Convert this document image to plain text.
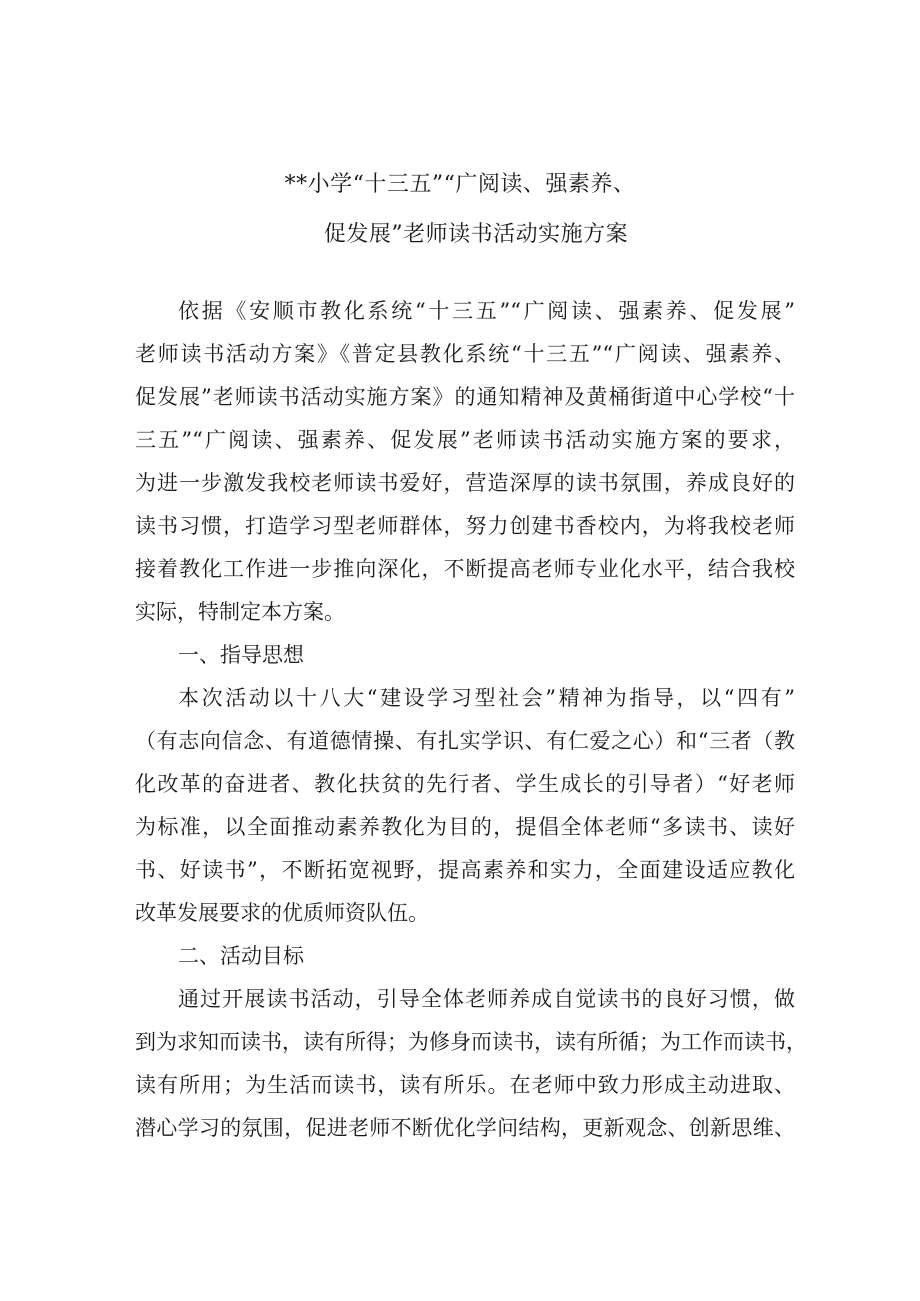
**小学“十三五”“广阅读、强素养、
促发展”老师读书活动实施方案
依据《安顺市教化系统“十三五”“广阅读、强素养、促发展”
老师读书活动方案》《普定县教化系统“十三五”“广阅读、强素养、
促发展”老师读书活动实施方案》的通知精神及黄桶街道中心学校“十
三五”“广阅读、强素养、促发展”老师读书活动实施方案的要求，
为进一步激发我校老师读书爱好，营造深厚的读书氛围，养成良好的
读书习惯，打造学习型老师群体，努力创建书香校内，为将我校老师
接着教化工作进一步推向深化，不断提高老师专业化水平，结合我校
实际，特制定本方案。
一、指导思想
本次活动以十八大“建设学习型社会”精神为指导，以“四有”
（有志向信念、有道德情操、有扎实学识、有仁爱之心）和“三者（教
化改革的奋进者、教化扶贫的先行者、学生成长的引导者）“好老师
为标准，以全面推动素养教化为目的，提倡全体老师“多读书、读好
书、好读书”，不断拓宽视野，提高素养和实力，全面建设适应教化
改革发展要求的优质师资队伍。
二、活动目标
通过开展读书活动，引导全体老师养成自觉读书的良好习惯，做
到为求知而读书，读有所得；为修身而读书，读有所循；为工作而读书，
读有所用；为生活而读书，读有所乐。在老师中致力形成主动进取、
潜心学习的氛围，促进老师不断优化学问结构，更新观念、创新思维、
